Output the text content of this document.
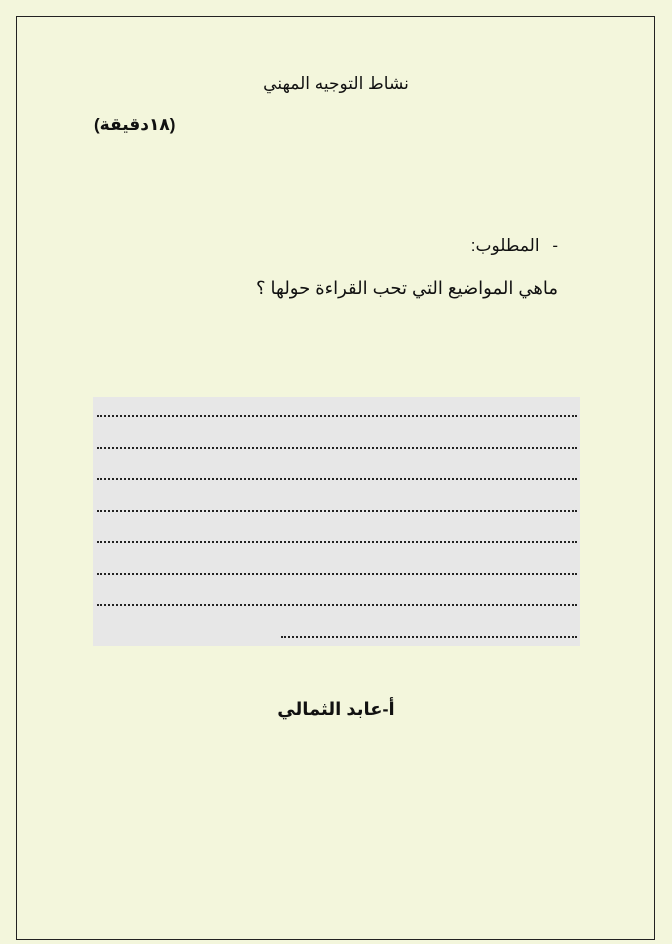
نشاط التوجيه المهني
(١٨دقيقة)
- المطلوب:
ماهي المواضيع التي تحب القراءة حولها ؟
أ-عابد الثمالي
